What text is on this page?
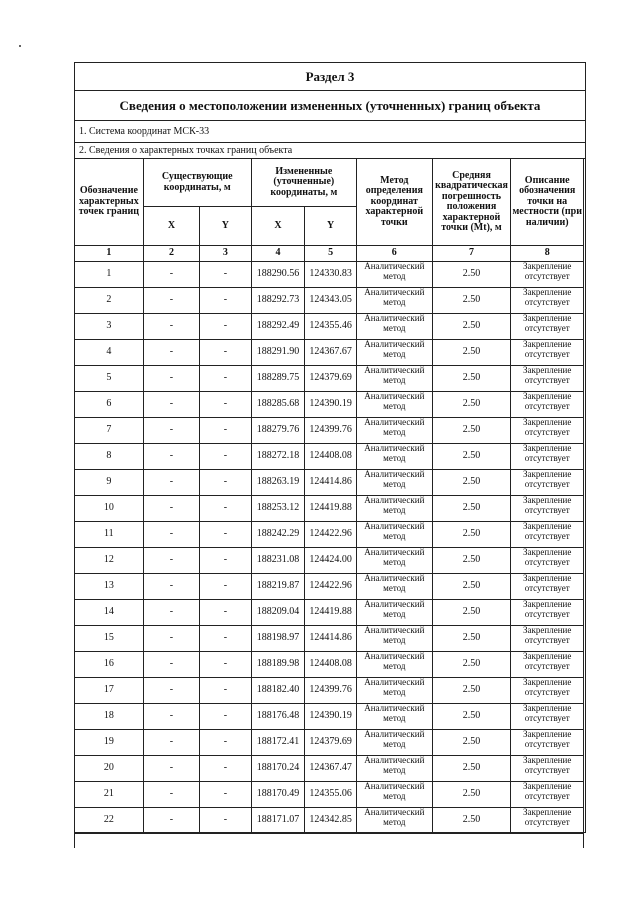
Раздел 3
Сведения о местоположении измененных (уточненных) границ объекта
1. Система координат МСК-33
2. Сведения о характерных точках границ объекта
Обозначение характерных точек границ	Существующие координаты, м		Измененные (уточненные) координаты, м		Метод определения координат характерной точки	Средняя квадратическая погрешность положения характерной точки (Mt), м	Описание обозначения точки на местности (при наличии)
	X	Y	X	Y			
1	2	3	4	5	6	7	8
1	-	-	188290.56	124330.83	Аналитический метод	2.50	Закрепление отсутствует
2	-	-	188292.73	124343.05	Аналитический метод	2.50	Закрепление отсутствует
3	-	-	188292.49	124355.46	Аналитический метод	2.50	Закрепление отсутствует
4	-	-	188291.90	124367.67	Аналитический метод	2.50	Закрепление отсутствует
5	-	-	188289.75	124379.69	Аналитический метод	2.50	Закрепление отсутствует
6	-	-	188285.68	124390.19	Аналитический метод	2.50	Закрепление отсутствует
7	-	-	188279.76	124399.76	Аналитический метод	2.50	Закрепление отсутствует
8	-	-	188272.18	124408.08	Аналитический метод	2.50	Закрепление отсутствует
9	-	-	188263.19	124414.86	Аналитический метод	2.50	Закрепление отсутствует
10	-	-	188253.12	124419.88	Аналитический метод	2.50	Закрепление отсутствует
11	-	-	188242.29	124422.96	Аналитический метод	2.50	Закрепление отсутствует
12	-	-	188231.08	124424.00	Аналитический метод	2.50	Закрепление отсутствует
13	-	-	188219.87	124422.96	Аналитический метод	2.50	Закрепление отсутствует
14	-	-	188209.04	124419.88	Аналитический метод	2.50	Закрепление отсутствует
15	-	-	188198.97	124414.86	Аналитический метод	2.50	Закрепление отсутствует
16	-	-	188189.98	124408.08	Аналитический метод	2.50	Закрепление отсутствует
17	-	-	188182.40	124399.76	Аналитический метод	2.50	Закрепление отсутствует
18	-	-	188176.48	124390.19	Аналитический метод	2.50	Закрепление отсутствует
19	-	-	188172.41	124379.69	Аналитический метод	2.50	Закрепление отсутствует
20	-	-	188170.24	124367.47	Аналитический метод	2.50	Закрепление отсутствует
21	-	-	188170.49	124355.06	Аналитический метод	2.50	Закрепление отсутствует
22	-	-	188171.07	124342.85	Аналитический метод	2.50	Закрепление отсутствует
